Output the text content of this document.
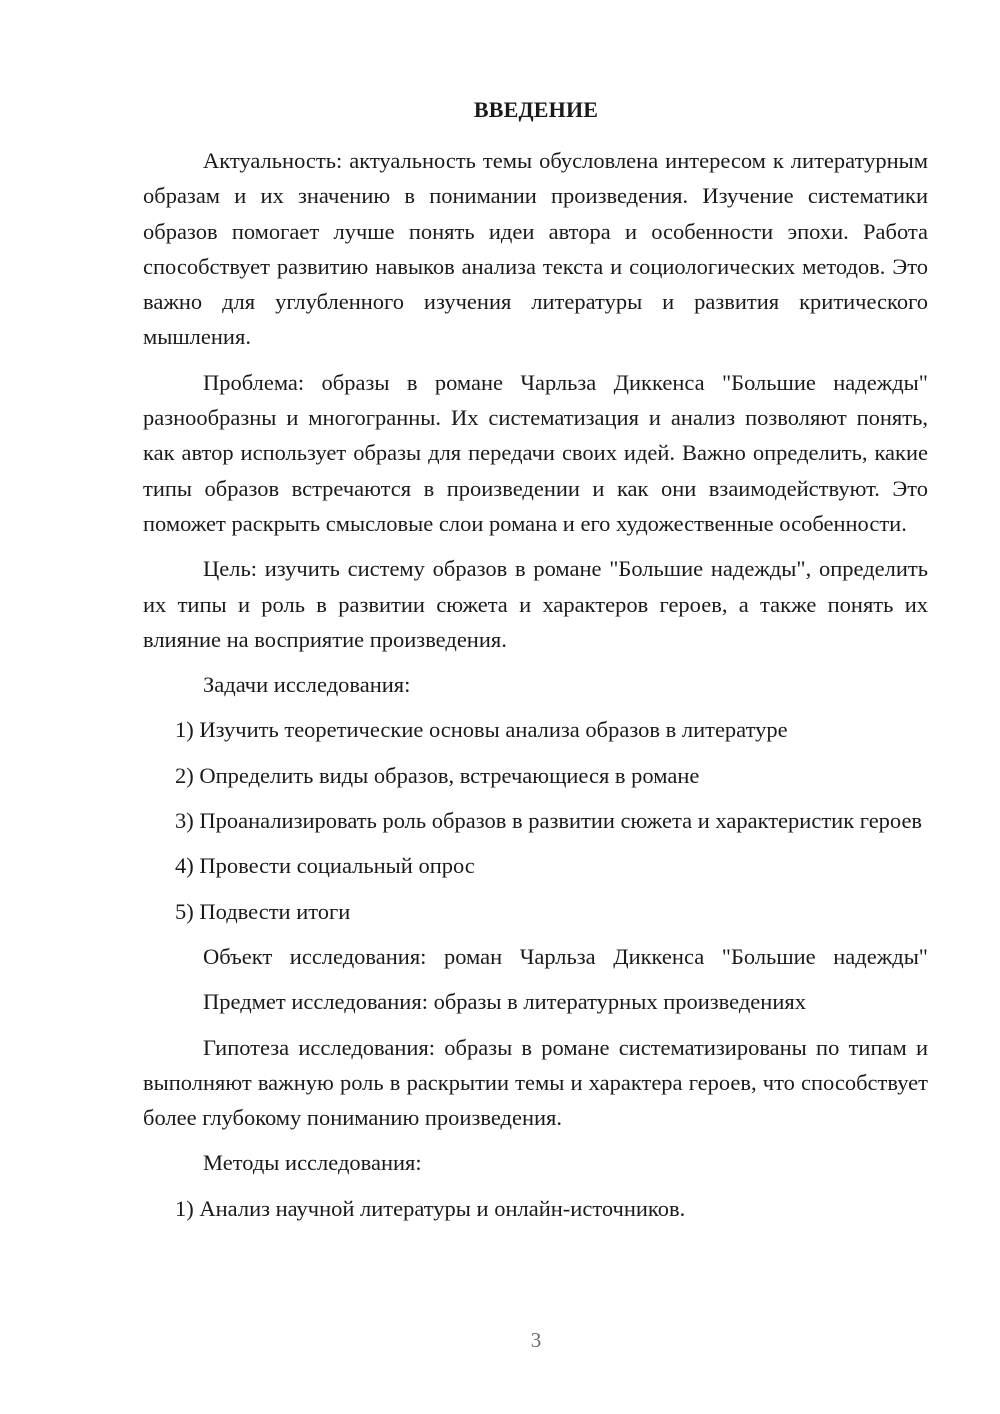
ВВЕДЕНИЕ

Актуальность: актуальность темы обусловлена интересом к литературным образам и их значению в понимании произведения. Изучение систематики образов помогает лучше понять идеи автора и особенности эпохи. Работа способствует развитию навыков анализа текста и социологических методов. Это важно для углубленного изучения литературы и развития критического мышления.

Проблема: образы в романе Чарльза Диккенса "Большие надежды" разнообразны и многогранны. Их систематизация и анализ позволяют понять, как автор использует образы для передачи своих идей. Важно определить, какие типы образов встречаются в произведении и как они взаимодействуют. Это поможет раскрыть смысловые слои романа и его художественные особенности.

Цель: изучить систему образов в романе "Большие надежды", определить их типы и роль в развитии сюжета и характеров героев, а также понять их влияние на восприятие произведения.

Задачи исследования:

1) Изучить теоретические основы анализа образов в литературе

2) Определить виды образов, встречающиеся в романе

3) Проанализировать роль образов в развитии сюжета и характеристик героев

4) Провести социальный опрос

5) Подвести итоги

Объект исследования: роман Чарльза Диккенса "Большие надежды"

Предмет исследования: образы в литературных произведениях

Гипотеза исследования: образы в романе систематизированы по типам и выполняют важную роль в раскрытии темы и характера героев, что способствует более глубокому пониманию произведения.

Методы исследования:

1) Анализ научной литературы и онлайн-источников.

3
